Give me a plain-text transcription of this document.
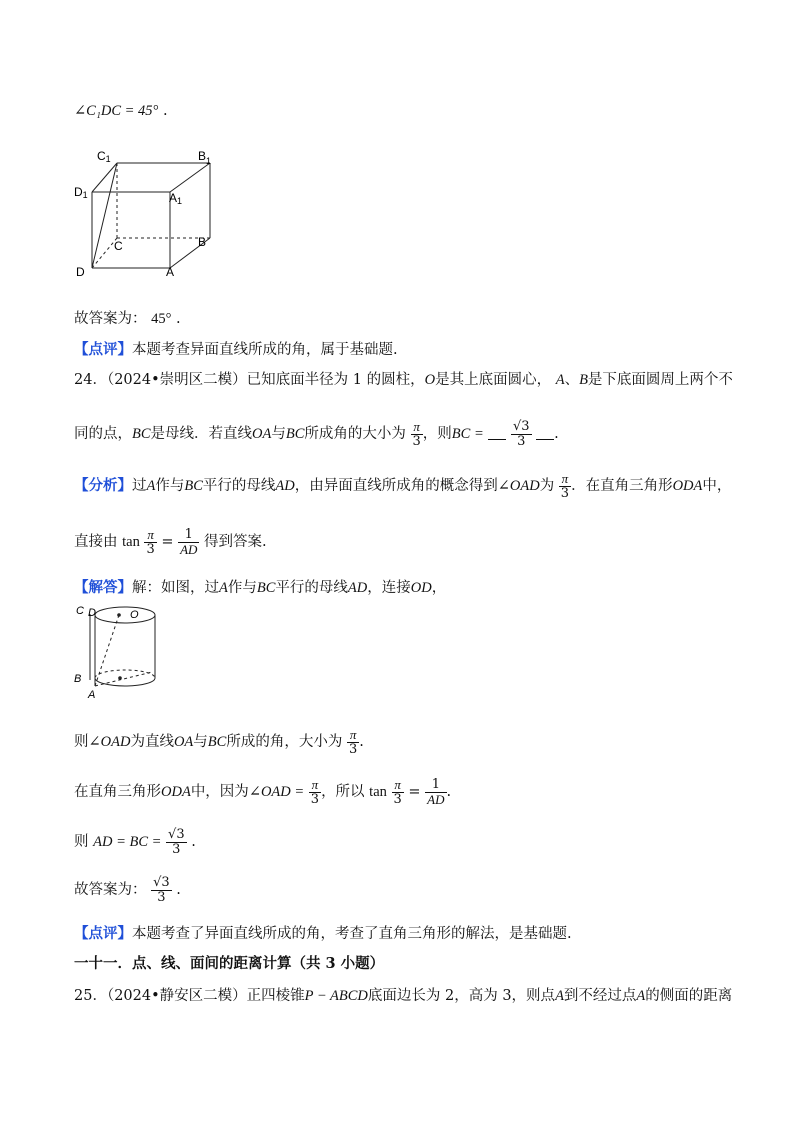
∠C₁DC = 45° .
C1	$B_1$
D1	A1
C	B
D	A
故答案为： 45° .
【点评】本题考查异面直线所成的角，属于基础题.
24．（2024•崇明区二模）已知底面半径为 1 的圆柱，O是其上底面圆心， A、B是下底面圆周上两个不
同的点，BC是母线．若直线OA与BC所成角的大小为 $\frac{\pi}{3}$ ，则BC = $\frac{√3}{3}$ .
【分析】过A作与BC平行的母线AD，由异面直线所成角的概念得到∠OAD为 $\frac{\pi}{3}$ ．在直角三角形ODA中，
直接由 $\tan \frac{\pi}{3} = \frac{1}{AD}$ 得到答案.
【解答】解：如图，过A作与BC平行的母线AD，连接OD，
C D	O
B
A
则∠OAD为直线OA与BC所成的角，大小为 $\frac{\pi}{3}$ .
在直角三角形ODA中，因为∠OAD = $\frac{\pi}{3}$ ，所以 $\tan \frac{\pi}{3} = \frac{1}{AD}$ .
则 AD = BC = $\frac{√3}{3}$ .
故答案为： $\frac{√3}{3}$ .
【点评】本题考查了异面直线所成的角，考查了直角三角形的解法，是基础题.
一十一．点、线、面间的距离计算（共 3 小题）
25．（2024•静安区二模）正四棱锥P − ABCD底面边长为 2，高为 3，则点A到不经过点A的侧面的距离
